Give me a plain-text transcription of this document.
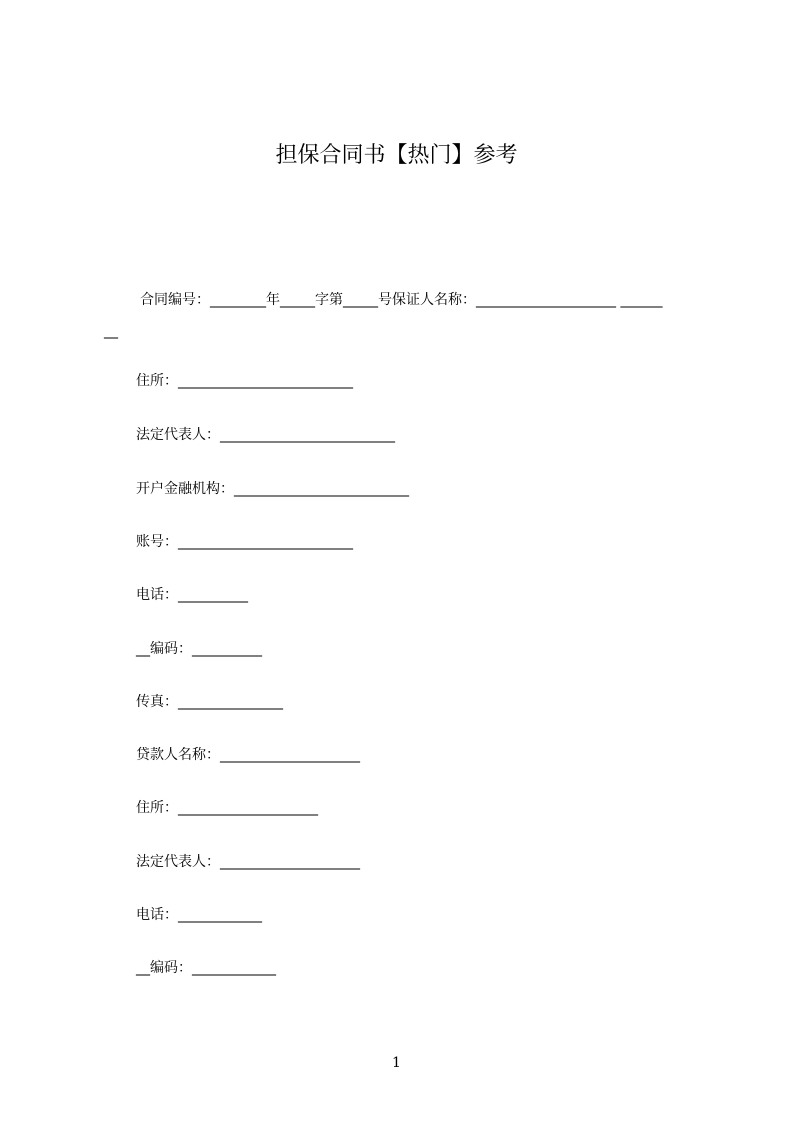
担保合同书【热门】参考
合同编号：________年_____字第_____号保证人名称：____________________ ______
__
住所：_________________________
法定代表人：_________________________
开户金融机构：_________________________
账号：_________________________
电话：__________
__编码：__________
传真：_______________
贷款人名称：____________________
住所：____________________
法定代表人：____________________
电话：____________
__编码：____________
1
